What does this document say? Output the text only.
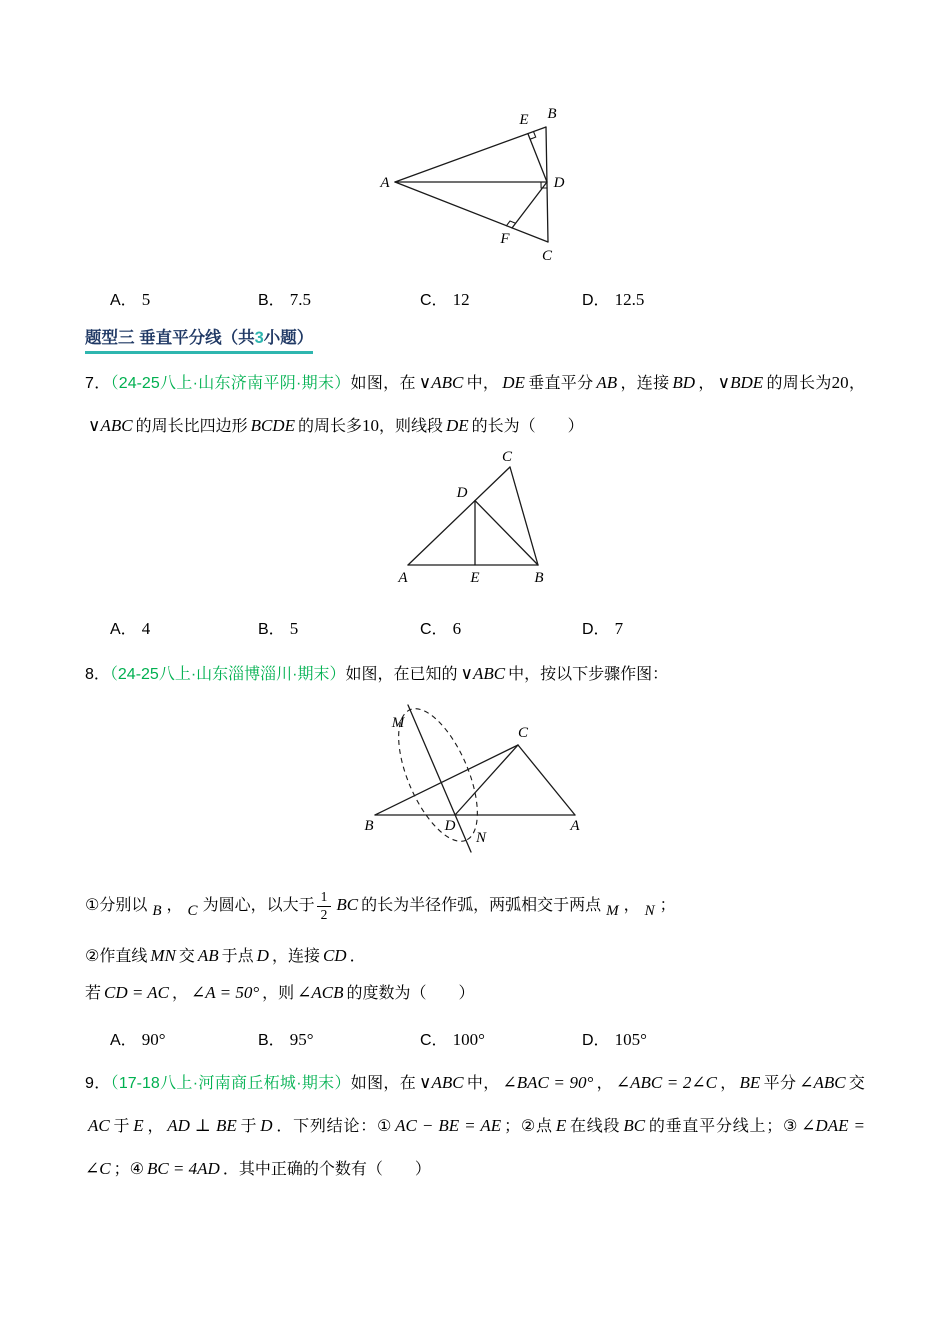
E B
A	D
F
C
A． 5	B． 7.5	C． 12	D． 12.5
题型三 垂直平分线（共3小题）
7．（24-25八上·山东济南平阴·期末）如图，在 ∨ABC 中， DE 垂直平分 AB ，连接 BD ， ∨BDE 的周长为20，∨ABC 的周长比四边形 BCDE 的周长多10，则线段 DE 的长为（　　）
C
D
A	E	B
A． 4	B． 5	C． 6	D． 7
8．（24-25八上·山东淄博淄川·期末）如图，在已知的 ∨ABC 中，按以下步骤作图：
M
C
B	D
N
A
①分别以 B ， C 为圆心，以大于 $\frac{1}{2}$ BC 的长为半径作弧，两弧相交于两点 M ， N ；
②作直线 MN 交 AB 于点 D ，连接 CD ．
若 CD = AC ， ∠A = 50° ，则 ∠ACB 的度数为（　　）
A． 90°	B． 95°	C． 100°	D． 105°
9．（17-18八上·河南商丘柘城·期末）如图，在 ∨ABC 中， ∠BAC = 90° ， ∠ABC = 2∠C ， BE 平分 ∠ABC 交AC 于 E ， AD ⊥ BE 于 D ．下列结论：① AC − BE = AE ；②点 E 在线段 BC 的垂直平分线上；③ ∠DAE = ∠C ；④ BC = 4AD ．其中正确的个数有（　　）
